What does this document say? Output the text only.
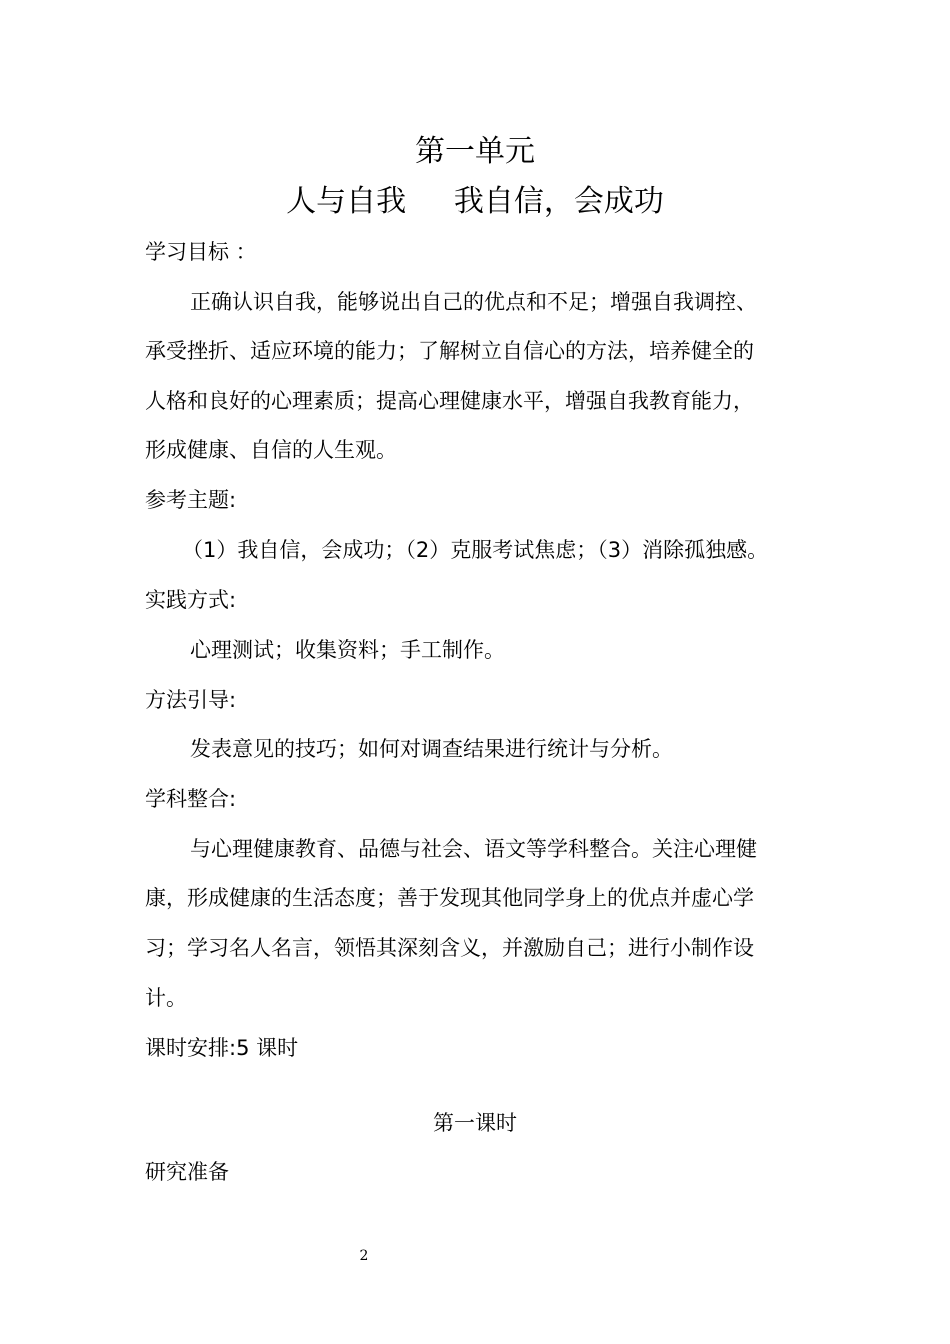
第一单元
人与自我     我自信，会成功
学习目标 ：
正确认识自我，能够说出自己的优点和不足；增强自我调控、
承受挫折、适应环境的能力；了解树立自信心的方法，培养健全的
人格和良好的心理素质；提高心理健康水平，增强自我教育能力，
形成健康、自信的人生观。
参考主题:
（1）我自信，会成功；（2）克服考试焦虑；（3）消除孤独感。
实践方式:
心理测试；收集资料；手工制作。
方法引导:
发表意见的技巧；如何对调查结果进行统计与分析。
学科整合:
与心理健康教育、品德与社会、语文等学科整合。关注心理健
康，形成健康的生活态度；善于发现其他同学身上的优点并虚心学
习；学习名人名言，领悟其深刻含义，并激励自己；进行小制作设
计。
课时安排:5 课时
第一课时
研究准备
2
